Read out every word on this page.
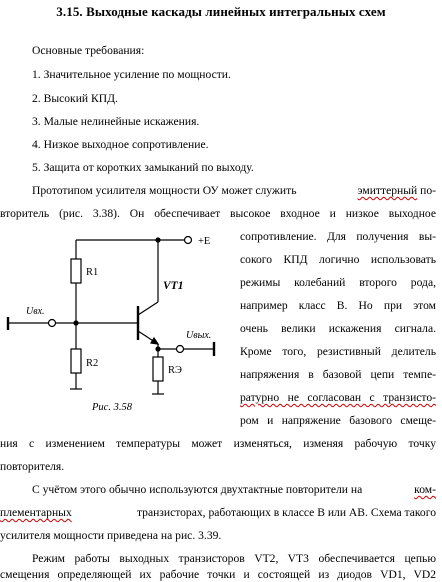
3.15. Выходные каскады линейных интегральных схем
Основные требования:
1. Значительное усиление по мощности.
2. Высокий КПД.
3. Малые нелинейные искажения.
4. Низкое выходное сопротивление.
5. Защита от коротких замыканий по выходу.
Прототипом усилителя мощности ОУ может служить	эмиттерный по-
вторитель (рис. 3.38). Он обеспечивает высокое входное и низкое выходное
сопротивление. Для получения вы-
сокого КПД логично использовать
режимы колебаний второго рода,
например класс В. Но при этом
очень велики искажения сигнала.
Кроме того, резистивный делитель
напряжения в базовой цепи темпе-
ратурно не согласован с транзисто-
ром и напряжение базового смеще-
ния с изменением температуры может изменяться, изменяя рабочую точку
повторителя.
С учётом этого обычно используются двухтактные повторители на	ком-
плементарных	транзисторах, работающих в классе В или АВ. Схема такого
усилителя мощности приведена на рис. 3.39.
Режим работы выходных транзисторов VT2, VT3 обеспечивается цепью
смещения определяющей их рабочие точки и состоящей из диодов VD1, VD2
+E
R1
R2
RЭ
VT1
Uвх.
Uвых.
Рис. 3.58
